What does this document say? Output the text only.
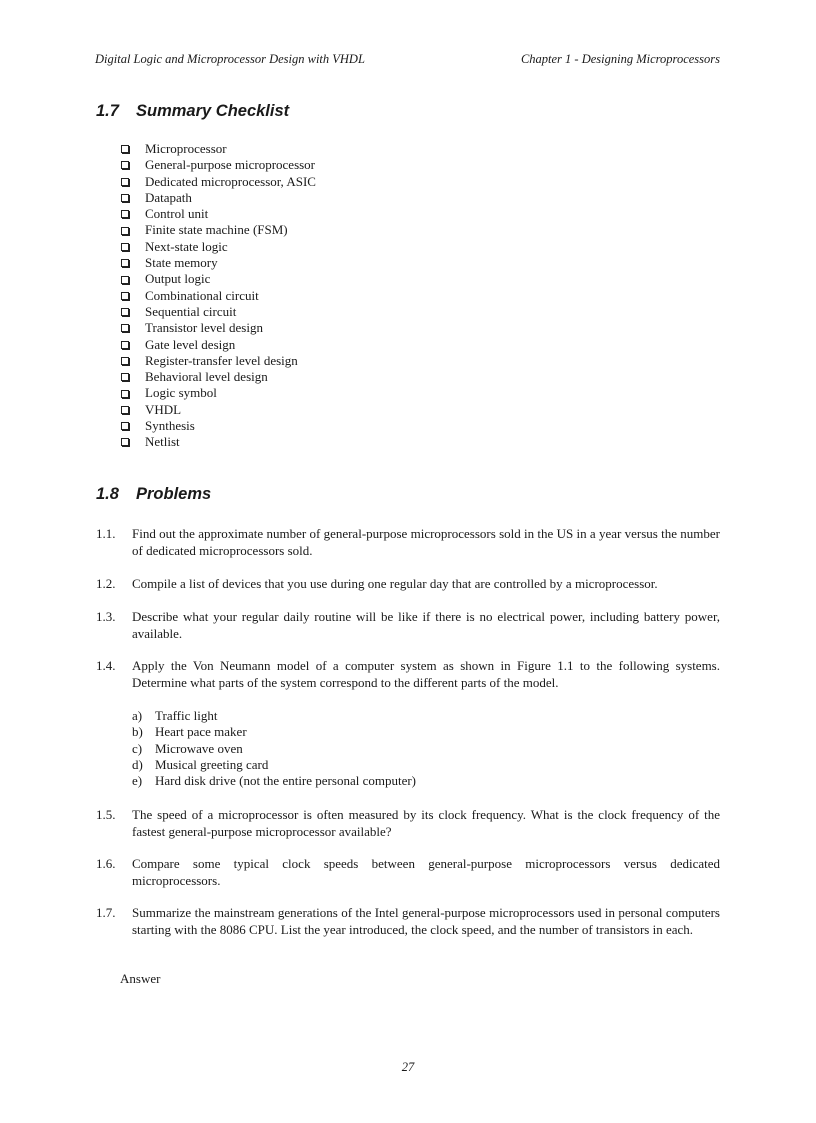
Digital Logic and Microprocessor Design with VHDL	Chapter 1 - Designing Microprocessors
1.7 Summary Checklist
Microprocessor
General-purpose microprocessor
Dedicated microprocessor, ASIC
Datapath
Control unit
Finite state machine (FSM)
Next-state logic
State memory
Output logic
Combinational circuit
Sequential circuit
Transistor level design
Gate level design
Register-transfer level design
Behavioral level design
Logic symbol
VHDL
Synthesis
Netlist
1.8 Problems
1.1.	Find out the approximate number of general-purpose microprocessors sold in the US in a year versus the number of dedicated microprocessors sold.
1.2.	Compile a list of devices that you use during one regular day that are controlled by a microprocessor.
1.3.	Describe what your regular daily routine will be like if there is no electrical power, including battery power, available.
1.4.	Apply the Von Neumann model of a computer system as shown in Figure 1.1 to the following systems. Determine what parts of the system correspond to the different parts of the model.
a) Traffic light
b) Heart pace maker
c) Microwave oven
d) Musical greeting card
e) Hard disk drive (not the entire personal computer)
1.5.	The speed of a microprocessor is often measured by its clock frequency. What is the clock frequency of the fastest general-purpose microprocessor available?
1.6.	Compare some typical clock speeds between general-purpose microprocessors versus dedicated microprocessors.
1.7.	Summarize the mainstream generations of the Intel general-purpose microprocessors used in personal computers starting with the 8086 CPU. List the year introduced, the clock speed, and the number of transistors in each.
Answer
27
